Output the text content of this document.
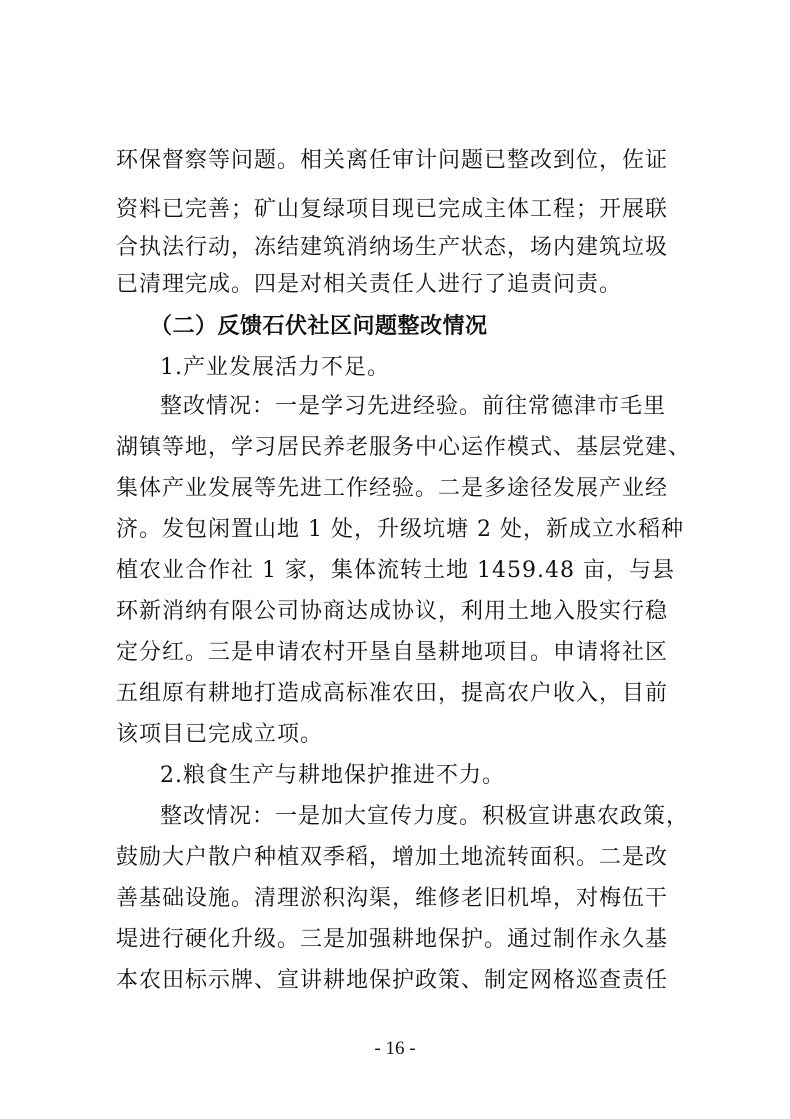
环保督察等问题。相关离任审计问题已整改到位，佐证
资料已完善；矿山复绿项目现已完成主体工程；开展联
合执法行动，冻结建筑消纳场生产状态，场内建筑垃圾
已清理完成。四是对相关责任人进行了追责问责。
（二）反馈石伏社区问题整改情况
1.产业发展活力不足。
整改情况：一是学习先进经验。前往常德津市毛里
湖镇等地，学习居民养老服务中心运作模式、基层党建、
集体产业发展等先进工作经验。二是多途径发展产业经
济。发包闲置山地 1 处，升级坑塘 2 处，新成立水稻种
植农业合作社 1 家，集体流转土地 1459.48 亩，与县
环新消纳有限公司协商达成协议，利用土地入股实行稳
定分红。三是申请农村开垦自垦耕地项目。申请将社区
五组原有耕地打造成高标准农田，提高农户收入，目前
该项目已完成立项。
2.粮食生产与耕地保护推进不力。
整改情况：一是加大宣传力度。积极宣讲惠农政策，
鼓励大户散户种植双季稻，增加土地流转面积。二是改
善基础设施。清理淤积沟渠，维修老旧机埠，对梅伍干
堤进行硬化升级。三是加强耕地保护。通过制作永久基
本农田标示牌、宣讲耕地保护政策、制定网格巡查责任
- 16 -
